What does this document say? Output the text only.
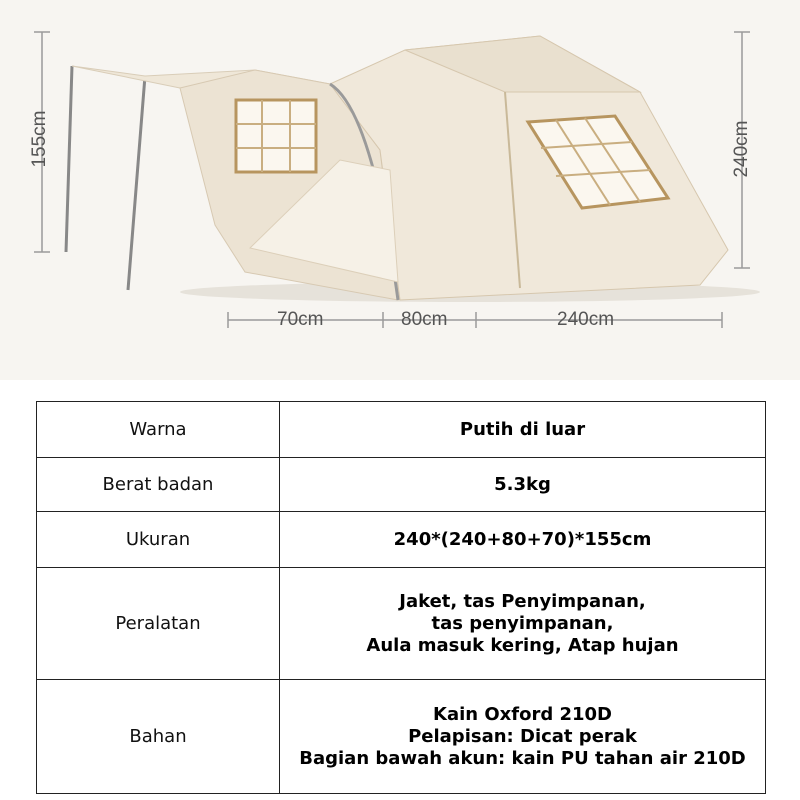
155cm	240cm
70cm	80cm	240cm
Warna	Putih di luar

Berat badan	5.3kg

Ukuran	240*(240+80+70)*155cm

Peralatan	Jaket, tas Penyimpanan,
tas penyimpanan,
Aula masuk kering, Atap hujan

Bahan	Kain Oxford 210D
Pelapisan: Dicat perak
Bagian bawah akun: kain PU tahan air 210D
